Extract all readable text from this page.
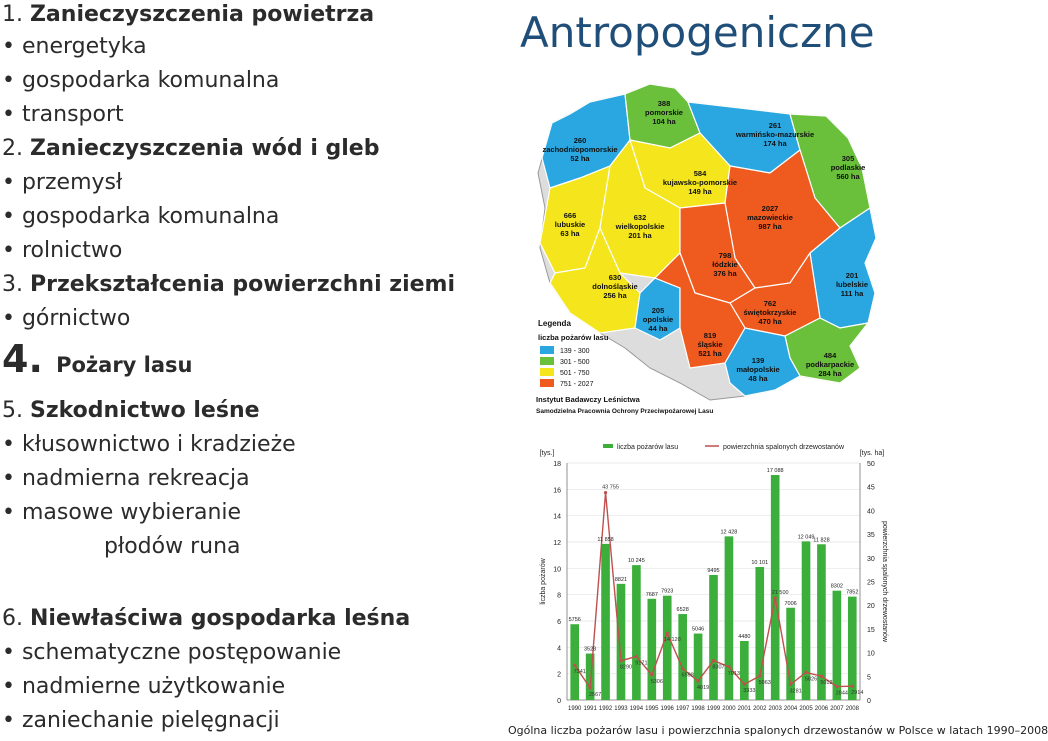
1. Zanieczyszczenia powietrza
• energetyka
• gospodarka komunalna
• transport
2. Zanieczyszczenia wód i gleb
• przemysł
• gospodarka komunalna
• rolnictwo
3. Przekształcenia powierzchni ziemi
• górnictwo
4. Pożary lasu
5. Szkodnictwo leśne
• kłusownictwo i kradzieże
• nadmierna rekreacja
• masowe wybieranie
płodów runa
6. Niewłaściwa gospodarka leśna
• schematyczne postępowanie
• nadmierne użytkowanie
• zaniechanie pielęgnacji
Antropogeniczne
388
pomorskie
104 ha	261
warmińsko-mazurskie
174 ha
260
zachodniopomorskie
52 ha	305
podlaskie
560 ha
584
kujawsko-pomorskie
149 ha
2027
mazowieckie
987 ha
666
lubuskie
63 ha
632
wielkopolskie
201 ha
798
łódzkie
376 ha	201
lubelskie
111 ha
630
dolnośląskie
256 ha
762
świętokrzyskie
470 ha
205
opolskie
44 ha
819
śląskie
521 ha	484
podkarpackie
284 ha
139
małopolskie
48 ha
Legenda
liczba pożarów lasu
139 - 300
301 - 500
501 - 750
751 - 2027
Instytut Badawczy Leśnictwa
Samodzielna Pracownia Ochrony Przeciwpożarowej Lasu
0
2
4
6
8
10
12
14
16
18
0
5
10
15
20
25
30
35
40
45
50
1990 1991 1992 1993 1994 1995 1996 1997 1998 1999 2000 2001 2002 2003 2004 2005 2006 2007 2008
[tys.]	[tys. ha]
liczba pożarów	powierzchnia spalonych drzewostanów
5756
3528
11 858
8821
10 245
7687
7923
6528
5046
9495
12 428
4480
10 101
17 088
7006
12 049
11 828
8302
7852
7341
2567
43 755
8290
9171
5306
14 120
6598
4019
8307
7013
3333
5063
21 500
3281
5826
5012
2844 2914
liczba pożarów lasu	powierzchnia spalonych drzewostanów
Ogólna liczba pożarów lasu i powierzchnia spalonych drzewostanów w Polsce w latach 1990–2008
